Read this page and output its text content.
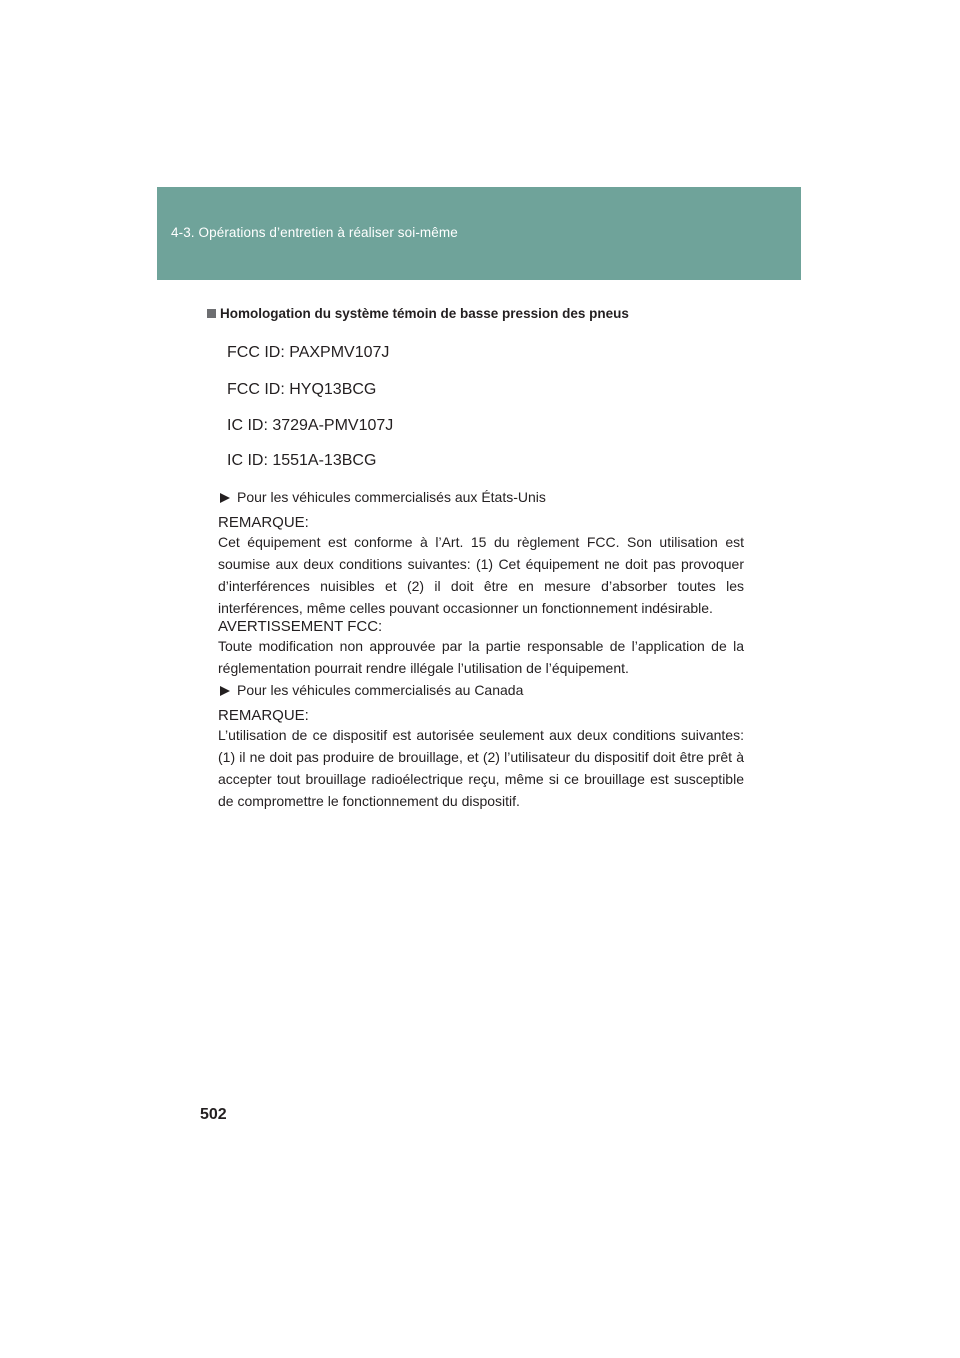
4-3. Opérations d’entretien à réaliser soi-même
Homologation du système témoin de basse pression des pneus
FCC ID: PAXPMV107J
FCC ID: HYQ13BCG
IC ID: 3729A-PMV107J
IC ID: 1551A-13BCG
Pour les véhicules commercialisés aux États-Unis
REMARQUE:

Cet équipement est conforme à l’Art. 15 du règlement FCC. Son utilisation est soumise aux deux conditions suivantes: (1) Cet équipement ne doit pas provoquer d’interférences nuisibles et (2) il doit être en mesure d’absorber toutes les interférences, même celles pouvant occasionner un fonctionnement indésirable.

AVERTISSEMENT FCC:

Toute modification non approuvée par la partie responsable de l’application de la réglementation pourrait rendre illégale l’utilisation de l’équipement.

Pour les véhicules commercialisés au Canada
REMARQUE:

L’utilisation de ce dispositif est autorisée seulement aux deux conditions suivantes: (1) il ne doit pas produire de brouillage, et (2) l’utilisateur du dispositif doit être prêt à accepter tout brouillage radioélectrique reçu, même si ce brouillage est susceptible de compromettre le fonctionnement du dispositif.

502
